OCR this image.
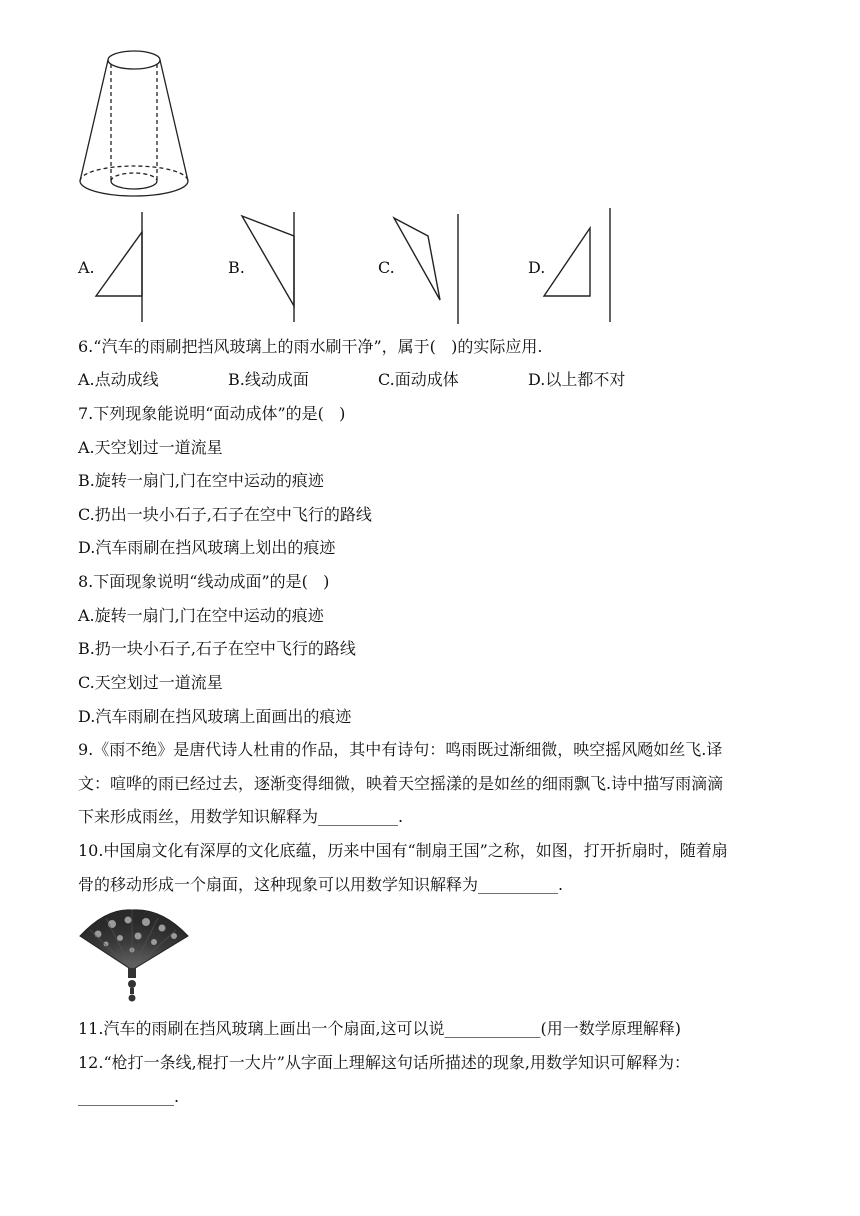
A.	B.	C.	D.
6.“汽车的雨刷把挡风玻璃上的雨水刷干净”，属于(   )的实际应用.
A.点动成线	B.线动成面	C.面动成体	D.以上都不对
7.下列现象能说明“面动成体”的是(   )
A.天空划过一道流星
B.旋转一扇门,门在空中运动的痕迹
C.扔出一块小石子,石子在空中飞行的路线
D.汽车雨刷在挡风玻璃上划出的痕迹
8.下面现象说明“线动成面”的是(   )
A.旋转一扇门,门在空中运动的痕迹
B.扔一块小石子,石子在空中飞行的路线
C.天空划过一道流星
D.汽车雨刷在挡风玻璃上面画出的痕迹
9.《雨不绝》是唐代诗人杜甫的作品，其中有诗句：鸣雨既过渐细微，映空摇风飏如丝飞.译
文：喧哗的雨已经过去，逐渐变得细微，映着天空摇漾的是如丝的细雨飘飞.诗中描写雨滴滴
下来形成雨丝，用数学知识解释为__________.
10.中国扇文化有深厚的文化底蕴，历来中国有“制扇王国”之称，如图，打开折扇时，随着扇
骨的移动形成一个扇面，这种现象可以用数学知识解释为__________.
11.汽车的雨刷在挡风玻璃上画出一个扇面,这可以说____________(用一数学原理解释)
12.“枪打一条线,棍打一大片”从字面上理解这句话所描述的现象,用数学知识可解释为：
____________.
